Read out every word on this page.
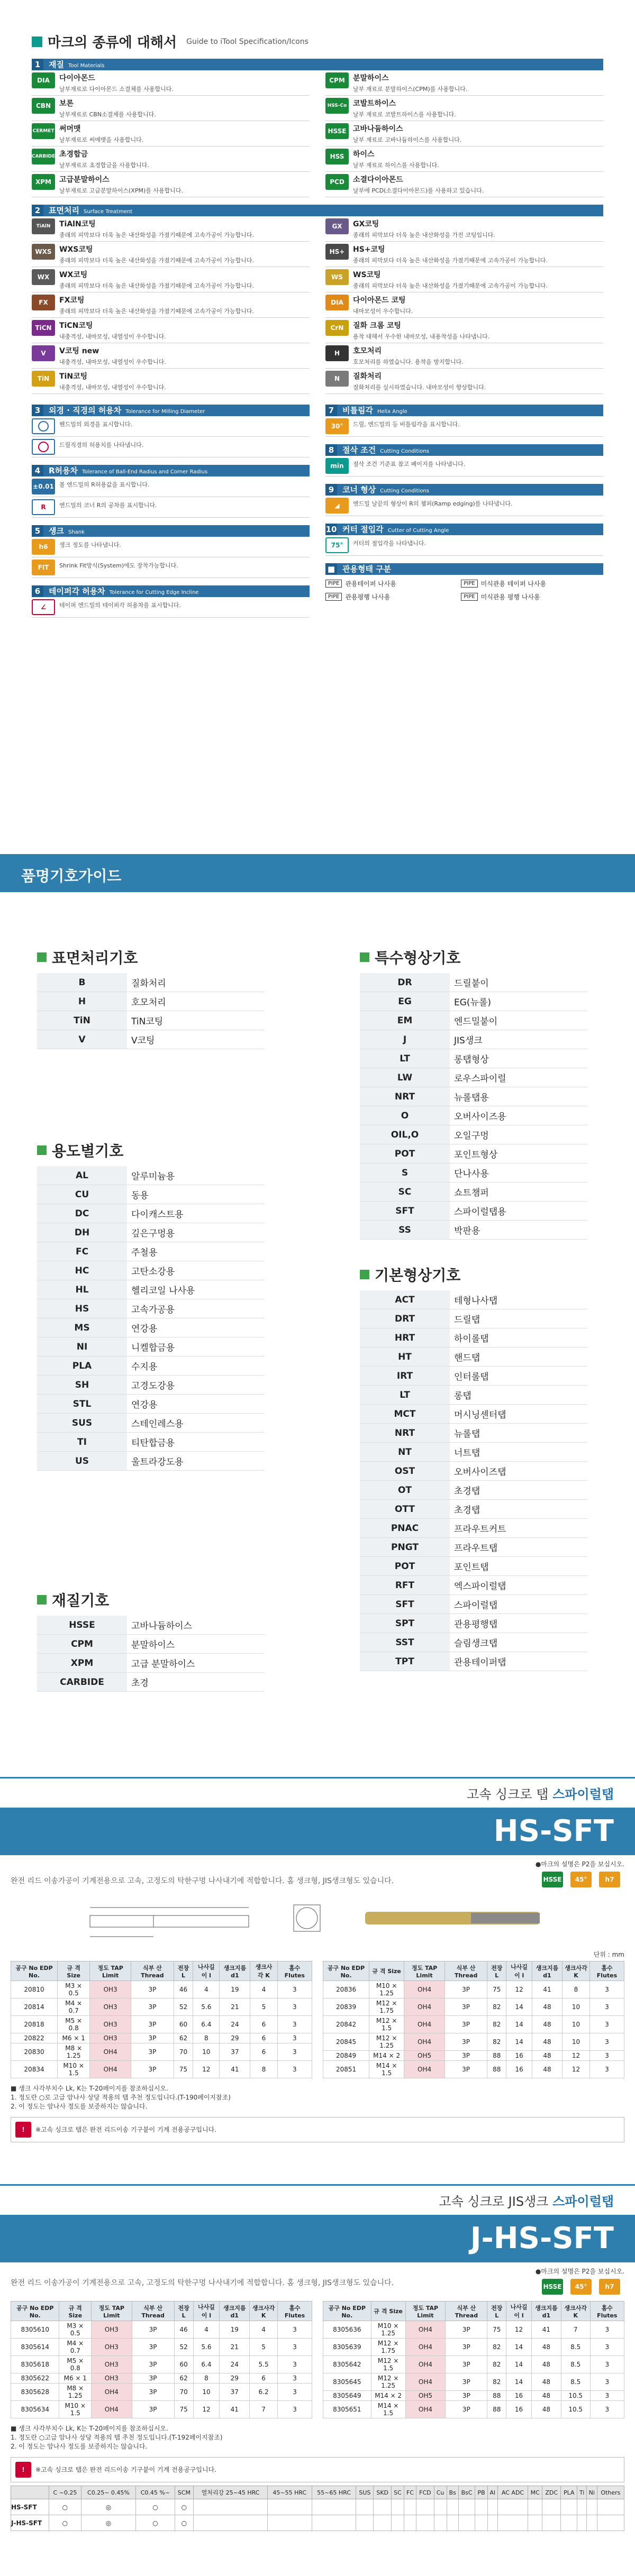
마크의 종류에 대해서 Guide to iTool Specification/Icons
1	재질 Tool Materials
DIA	다이아몬드
날부재료로 다이아몬드 소결체를 사용합니다.
CBN	보론
날부재료로 CBN소결체를 사용합니다.
CERMET 써머맷
날부재료로 써메맷을 사용합니다.
CARBIDE 초경합금
날부재료로 초경합금을 사용합니다.
XPM	고급분말하이스
날부재료로 고급분말하이스(XPM)를 사용합니다.
CPM	분말하이스
날부 재료로 분말하이스(CPM)를 사용합니다.
HSS-Co 코발트하이스
날부 재료로 코발트하이스를 사용합니다.
HSSE 고바나듐하이스
날부 재료로 고바나듐하이스를 사용합니다.
HSS	하이스
날부 재료로 하이스를 사용합니다.
PCD	소결다이아몬드
날부에 PCD(소결다이아몬드)를 사용하고 있습니다.
2	표면처리 Surface Treatment
TiAlN	TiAlN코팅
종래의 피막보다 더욱 높은 내산화성을 가졌기때문에 고속가공이 가능합니다.
WXS	WXS코팅
종래의 피막보다 더욱 높은 내산화성을 가졌기때문에 고속가공이 가능합니다.
WX	WX코팅
종래의 피막보다 더욱 높은 내산화성을 가졌기때문에 고속가공이 가능합니다.
FX	FX코팅
종래의 피막보다 더욱 높은 내산화성을 가졌기때문에 고속가공이 가능합니다.
TiCN	TiCN코팅
내충격성, 내마모성, 내열성이 우수합니다.
V	V코팅 new
내충격성, 내마모성, 내열성이 우수합니다.
TiN	TiN코팅
내충격성, 내마모성, 내열성이 우수합니다.
GX	GX코팅
종래의 피막보다 더욱 높은 내산화성을 가진 코팅입니다.
HS+	HS+코팅
종래의 피막보다 더욱 높은 내산화성을 가졌기때문에 고속가공이 가능합니다.
WS	WS코팅
종래의 피막보다 더욱 높은 내산화성을 가졌기때문에 고속가공이 가능합니다.
DIA	다이아몬드 코팅
내마모성이 우수합니다.
CrN	질화 크롬 코팅
용착 대해서 우수한 내마모성, 내용착성을 나타냅니다.
H	호모처리
호모처리를 하였습니다. 용착을 방지합니다.
N	질화처리
질화처리를 실시하였습니다. 내마모성이 향상합니다.
3	외경 · 직경의 허용차 Tolerance for Milling Diameter
헨드밀의 외경을 표시합니다.
드릴직경의 허용치를 나타냅니다.
4	R허용차 Tolerance of Ball-End Radius and Corner Radius
±0.01 볼 엔드밀의 R허용값을 표시합니다.
R	엔드밀의 코너 R의 공차를 표시합니다.
5	섕크 Shank
h6	생크 정도를 나타냅니다.
FIT	Shrink Fit방식(System)에도 장착가능합니다.
6	테이퍼각 허용차 Tolerance for Cutting Edge Incline
∠	테이퍼 엔드밀의 테이퍼각 허용차를 표시합니다.
7	비틀림각 Helix Angle
30°	드릴, 엔드밀의 등 비틀림각을 표시합니다.
8	절삭 조건 Cutting Conditions
min	절삭 조건 기준표 참고 페이지를 나타냅니다.
9	코너 형상 Cutting Conditions
◢	엔드밀 날끝의 형상이 R의 챔퍼(Ramp edging)를 나타냅니다.
10 커터 절입각 Cutter of Cutting Angle
75°	커터의 절입각을 나타냅니다.
■ 관용형태 구분
PIPE 관용테이퍼 나사용	PIPE 미식관용 테이퍼 나사용
PIPE 관용평행 나사용	PIPE 미식관용 평행 나사용
품명기호가이드
표면처리기호
B	질화처리
H	호모처리
TiN	TiN코팅
V	V코팅
용도별기호
AL	알루미늄용
CU	동용
DC	다이캐스트용
DH	깊은구멍용
FC	주철용
HC	고탄소강용
HL	헬리코일 나사용
HS	고속가공용
MS	연강용
NI	니켈합금용
PLA	수지용
SH	고경도강용
STL	연강용
SUS	스테인레스용
TI	티탄합금용
US	울트라강도용
재질기호
HSSE	고바나듐하이스
CPM	분말하이스
XPM	고급 분말하이스
CARBIDE	초경
특수형상기호
DR	드릴붙이
EG	EG(뉴롤)
EM	엔드밀붙이
J	JIS생크
LT	롱탭형상
LW	로우스파이럴
NRT	뉴롤탭용
O	오버사이즈용
OIL,O	오일구멍
POT	포인트형상
S	단나사용
SC	쇼트챔퍼
SFT	스파이럴탭용
SS	박판용
기본형상기호
ACT	테형나사탭
DRT	드릴탭
HRT	하이롤탭
HT	핸드탭
IRT	인터롤탭
LT	롱탭
MCT	머시닝센터탭
NRT	뉴롤탭
NT	너트탭
OST	오버사이즈탭
OT	초경탭
OTT	초경탭
PNAC	프라우트커트
PNGT	프라우트탭
POT	포인트탭
RFT	엑스파이럴탭
SFT	스파이럴탭
SPT	관용평행탭
SST	슬림생크탭
TPT	관용테이퍼탭
고속 싱크로 탭 스파이럴탭
HS-SFT
완전 리드 이송가공이 기계전용으로 고속, 고정도의 탁한구멍 나사내기에 적합합니다. 홈 생크형, JIS생크형도 있습니다.
●마크의 설명은 P2을 보십시오.
HSSE	45°	h7
단위 : mm
공구 No EDP No.	규 격 Size	정도 TAP Limit	식부 산 Thread	전장 L	나사길이 l	섕크지름 d1	섕크사각 K	홈수 Flutes
20810	M3 × 0.5	OH3	3P	46	4	19	4	3
20814	M4 × 0.7	OH3	3P	52	5.6	21	5	3
20818	M5 × 0.8	OH3	3P	60	6.4	24	6	3
20822	M6 × 1	OH3	3P	62	8	29	6	3
20830	M8 × 1.25	OH4	3P	70	10	37	6	3
20834	M10 × 1.5	OH4	3P	75	12	41	8	3
공구 No EDP No.	규 격 Size	정도 TAP Limit	식부 산 Thread	전장 L	나사길이 l	섕크지름 d1	섕크사각 K	홈수 Flutes
20836	M10 × 1.25	OH4	3P	75	12	41	8	3
20839	M12 × 1.75	OH4	3P	82	14	48	10	3
20842	M12 × 1.5	OH4	3P	82	14	48	10	3
20845	M12 × 1.25	OH4	3P	82	14	48	10	3
20849	M14 × 2	OH5	3P	88	16	48	12	3
20851	M14 × 1.5	OH4	3P	88	16	48	12	3
■ 생크 사각부치수 Lk, K는 T-20페이지를 참조하십시오.
1. 정도란 ○로 고급 암나사 상당 적용의 탭 추천 정도입니다.(T-190페이지참조)
2. 이 정도는 암나사 정도를 보증하지는 않습니다.
! ※고속 싱크로 탭은 완전 리드이송 기구붙이 기계 전용공구입니다.
고속 싱크로 JIS생크 스파이럴탭
J-HS-SFT
완전 리드 이송가공이 기계전용으로 고속, 고정도의 탁한구멍 나사내기에 적합합니다. 홈 생크형, JIS생크형도 있습니다.
●마크의 설명은 P2을 보십시오.
HSSE	45°	h7
공구 No EDP No.	규 격 Size	정도 TAP Limit	식부 산 Thread	전장 L	나사길이 l	섕크지름 d1	섕크사각 K	홈수 Flutes
8305610	M3 × 0.5	OH3	3P	46	4	19	4	3
8305614	M4 × 0.7	OH3	3P	52	5.6	21	5	3
8305618	M5 × 0.8	OH3	3P	60	6.4	24	5.5	3
8305622	M6 × 1	OH3	3P	62	8	29	6	3
8305628	M8 × 1.25	OH4	3P	70	10	37	6.2	3
8305634	M10 × 1.5	OH4	3P	75	12	41	7	3
공구 No EDP No.	규 격 Size	정도 TAP Limit	식부 산 Thread	전장 L	나사길이 l	섕크지름 d1	섕크사각 K	홈수 Flutes
8305636	M10 × 1.25	OH4	3P	75	12	41	7	3
8305639	M12 × 1.75	OH4	3P	82	14	48	8.5	3
8305642	M12 × 1.5	OH4	3P	82	14	48	8.5	3
8305645	M12 × 1.25	OH4	3P	82	14	48	8.5	3
8305649	M14 × 2	OH5	3P	88	16	48	10.5	3
8305651	M14 × 1.5	OH4	3P	88	16	48	10.5	3
■ 생크 사각부치수 Lk, K는 T-20페이지를 참조하십시오.
1. 정도란 ○고급 암나사 상당 적용의 탭 추천 정도입니다.(T-192페이지참조)
2. 이 정도는 암나사 정도를 보증하지는 않습니다.
! ※고속 싱크로 탭은 완전 리드이송 기구붙이 기계 전용공구입니다.
	C ~0.25	C0.25~ 0.45%	C0.45 %~	SCM	열처리강 25~45 HRC	45~55 HRC	55~65 HRC	SUS	SKD	SC	FC	FCD	Cu	Bs	BsC	PB	Al	AC ADC	MC	ZDC	PLA	Ti	Ni	Others
HS-SFT	○	◎	○	○																				
J-HS-SFT	○	◎	○	○																				
